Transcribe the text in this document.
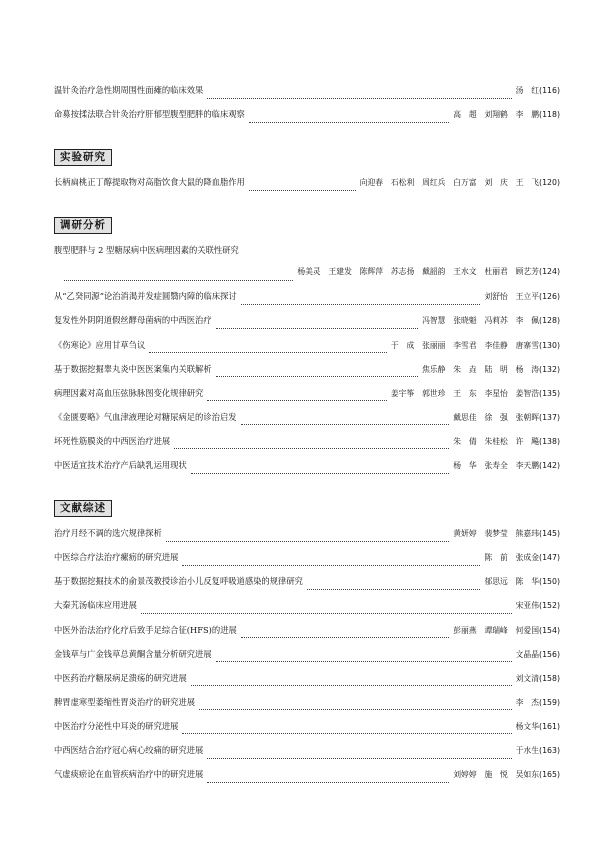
温针灸治疗急性期周围性面瘫的临床效果	汤　红 (116)
命募按揉法联合针灸治疗肝郁型腹型肥胖的临床观察	高　超　刘翔鹤　李　鹏 (118)
实验研究
长柄扁桃正丁醇提取物对高脂饮食大鼠的降血脂作用	向迎春　石松利　周红兵　白万富　刘　庆　王　飞 (120)
调研分析
腹型肥胖与 2 型糖尿病中医病理因素的关联性研究
杨美灵　王建发　陈辉萍　苏志扬　戴韶韵　王水文　杜丽君　顾艺芳 (124)
从“乙癸同源”论治消渴并发症圆翳内障的临床探讨	刘舒怡　王立平 (126)
复发性外阴阴道假丝酵母菌病的中西医治疗	冯智慧　张晓魁　冯莉苏　李　佩 (128)
《伤寒论》应用甘草刍议	于　成　张丽丽　李雪君　李佳静　唐寨雪 (130)
基于数据挖掘睾丸炎中医医案集内关联解析	焦乐静　朱　垚　陆　明　杨　涛 (132)
病理因素对高血压弦脉脉图变化规律研究	姜宇筝　郭世珍　王　东　李星怡　姜智浩 (135)
《金匮要略》气血津液理论对糖尿病足的诊治启发	戴思佳　徐　强　张朝晖 (137)
坏死性筋膜炎的中西医治疗进展	朱　倩　朱桂松　许　飚 (138)
中医适宜技术治疗产后缺乳运用现状	杨　华　张寿全　李天鹏 (142)
文献综述
治疗月经不调的选穴规律探析	黄妍婷　裴梦莹　熊嘉玮 (145)
中医综合疗法治疗瘰疬的研究进展	陈　前　张成金 (147)
基于数据挖掘技术的俞景茂教授诊治小儿反复呼吸道感染的规律研究	郁思远　陈　华 (150)
大秦艽汤临床应用进展	宋亚伟 (152)
中医外治法治疗化疗后致手足综合征(HFS)的进展	彭丽燕　谭瑞峰　何爱国 (154)
金钱草与广金钱草总黄酮含量分析研究进展	文晶晶 (156)
中医药治疗糖尿病足溃疡的研究进展	刘文清 (158)
脾胃虚寒型萎缩性胃炎治疗的研究进展	李　杰 (159)
中医治疗分泌性中耳炎的研究进展	杨文华 (161)
中西医结合治疗冠心病心绞痛的研究进展	于水生 (163)
气虚痰瘀论在血管疾病治疗中的研究进展	刘婷婷　施　悦　吴如东 (165)
